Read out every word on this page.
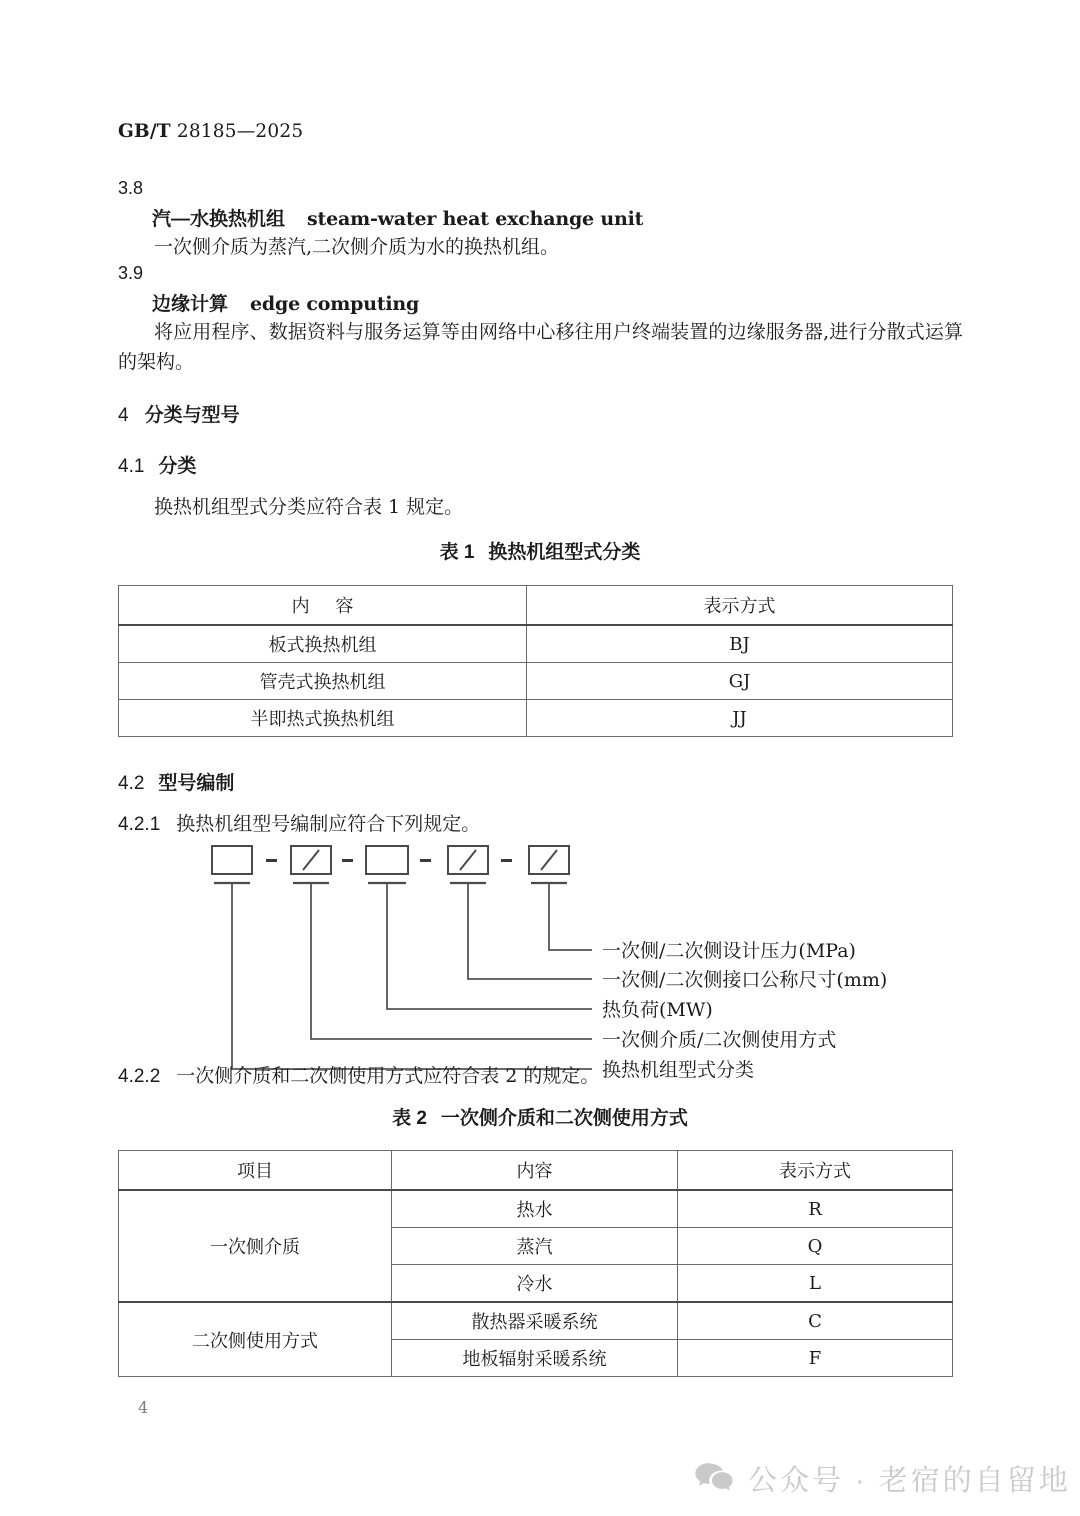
GB/T 28185—2025
3.8
汽—水换热机组 steam‑water heat exchange unit
一次侧介质为蒸汽,二次侧介质为水的换热机组。
3.9
边缘计算 edge computing
将应用程序、数据资料与服务运算等由网络中心移往用户终端装置的边缘服务器,进行分散式运算的架构。
4 分类与型号
4.1 分类
换热机组型式分类应符合表 1 规定。
表 1 换热机组型式分类
内 容	表示方式
板式换热机组	BJ
管壳式换热机组	GJ
半即热式换热机组	JJ
4.2 型号编制
4.2.1 换热机组型号编制应符合下列规定。
一次侧/二次侧设计压力(MPa)
一次侧/二次侧接口公称尺寸(mm)
热负荷(MW)
一次侧介质/二次侧使用方式
换热机组型式分类
4.2.2 一次侧介质和二次侧使用方式应符合表 2 的规定。
表 2 一次侧介质和二次侧使用方式
项目	内容	表示方式
一次侧介质	热水	R
	蒸汽	Q
	冷水	L
二次侧使用方式	散热器采暖系统	C
	地板辐射采暖系统	F
4
公众号 · 老宿的自留地
